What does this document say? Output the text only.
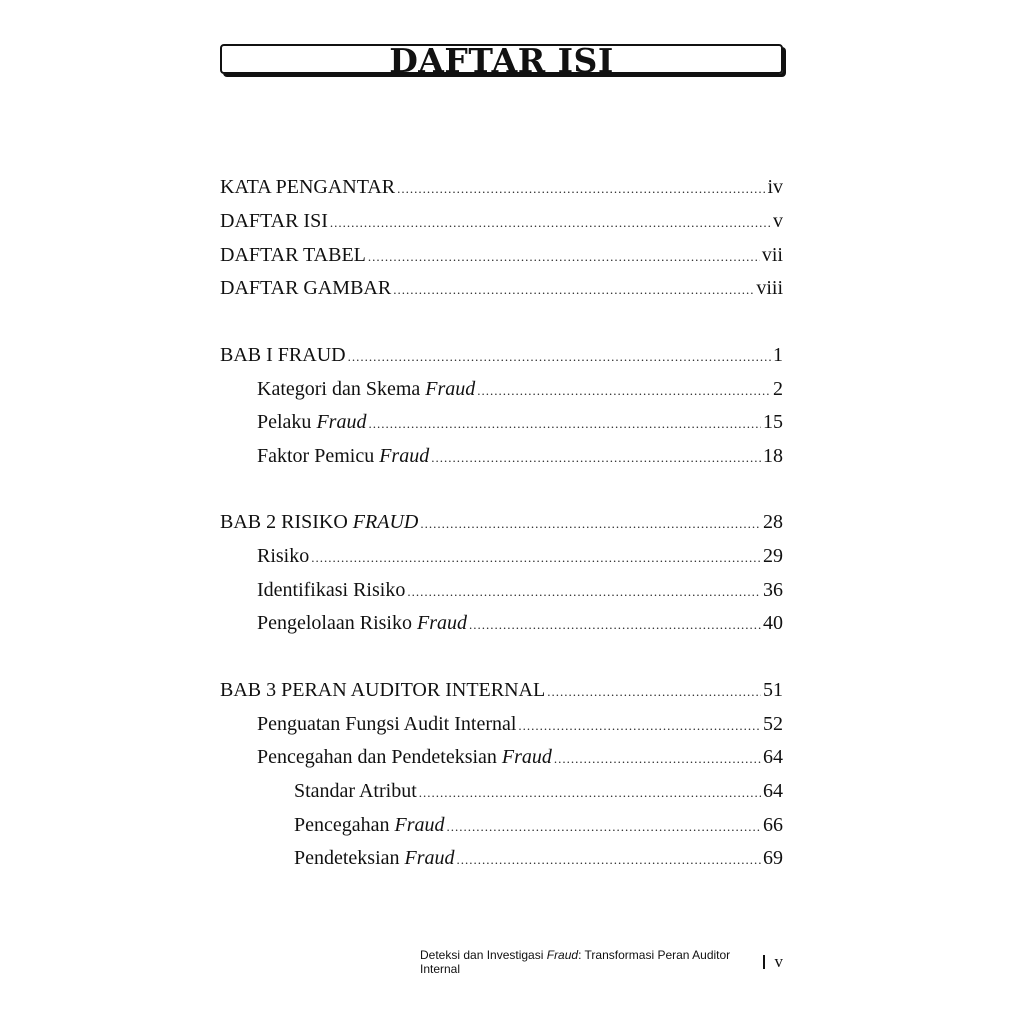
DAFTAR ISI
KATA PENGANTAR .....	iv
DAFTAR ISI .....	v
DAFTAR TABEL .....	vii
DAFTAR GAMBAR .....	viii
BAB I FRAUD .....	1
Kategori dan Skema Fraud .....	2
Pelaku Fraud .....	15
Faktor Pemicu Fraud .....	18
BAB 2 RISIKO FRAUD .....	28
Risiko .....	29
Identifikasi Risiko .....	36
Pengelolaan Risiko Fraud .....	40
BAB 3 PERAN AUDITOR INTERNAL .....	51
Penguatan Fungsi Audit Internal .....	52
Pencegahan dan Pendeteksian Fraud .....	64
Standar Atribut .....	64
Pencegahan Fraud .....	66
Pendeteksian Fraud .....	69
Deteksi dan Investigasi Fraud: Transformasi Peran Auditor Internal	v
